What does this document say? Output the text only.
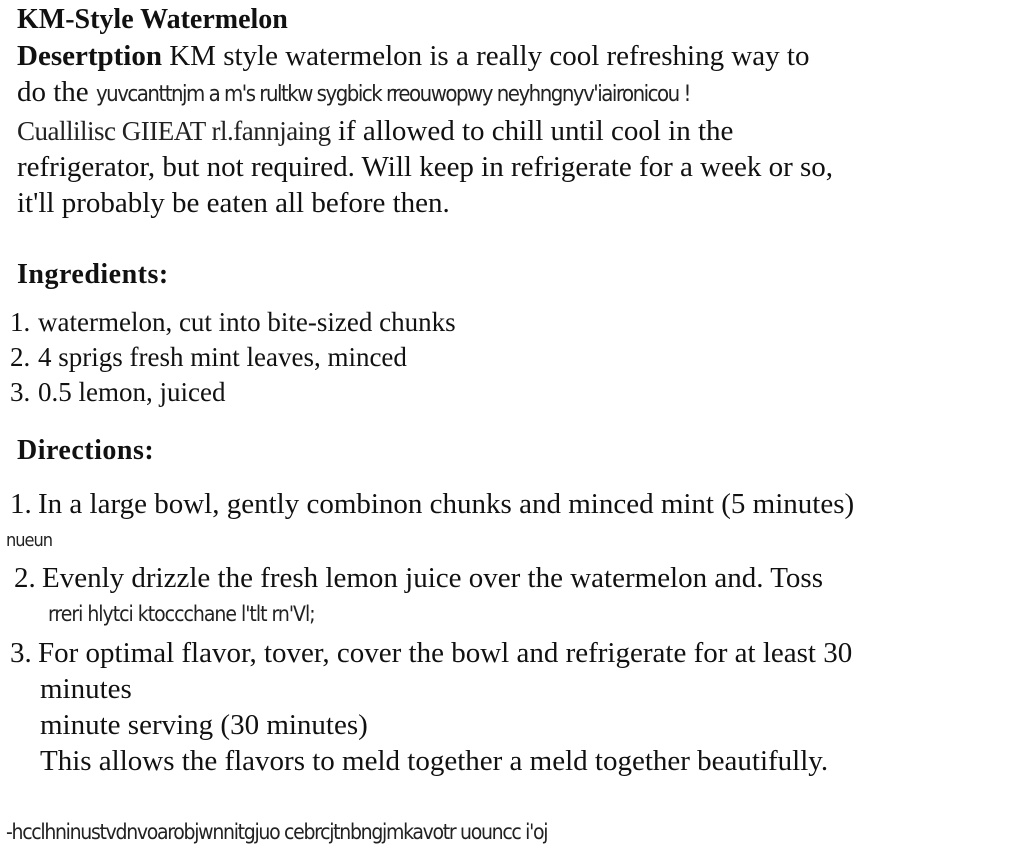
KM-Style Watermelon
Desertption KM style watermelon is a really cool refreshing way to
do the yuvcanttnjm a m's rultkw sygbick rreouwopwy neyhngnyv'iaironicou !
Cuallilisc GIIEAT rl.fannjaing if allowed to chill until cool in the
refrigerator, but not required. Will keep in refrigerate for a week or so,
it'll probably be eaten all before then.
Ingredients:
1. watermelon, cut into bite-sized chunks
2. 4 sprigs fresh mint leaves, minced
3. 0.5 lemon, juiced
Directions:
1. In a large bowl, gently combinon chunks and minced mint (5 minutes)
nueun
2. Evenly drizzle the fresh lemon juice over the watermelon and. Toss
rreri hlytci ktoccchane l'tlt rn'Vl;
3. For optimal flavor, tover, cover the bowl and refrigerate for at least 30
minutes
minute serving (30 minutes)
This allows the flavors to meld together a meld together beautifully.
-hcclhninustvdnvoarobjwnnitgjuo cebrcjtnbngjmkavotr uouncc i'oj
